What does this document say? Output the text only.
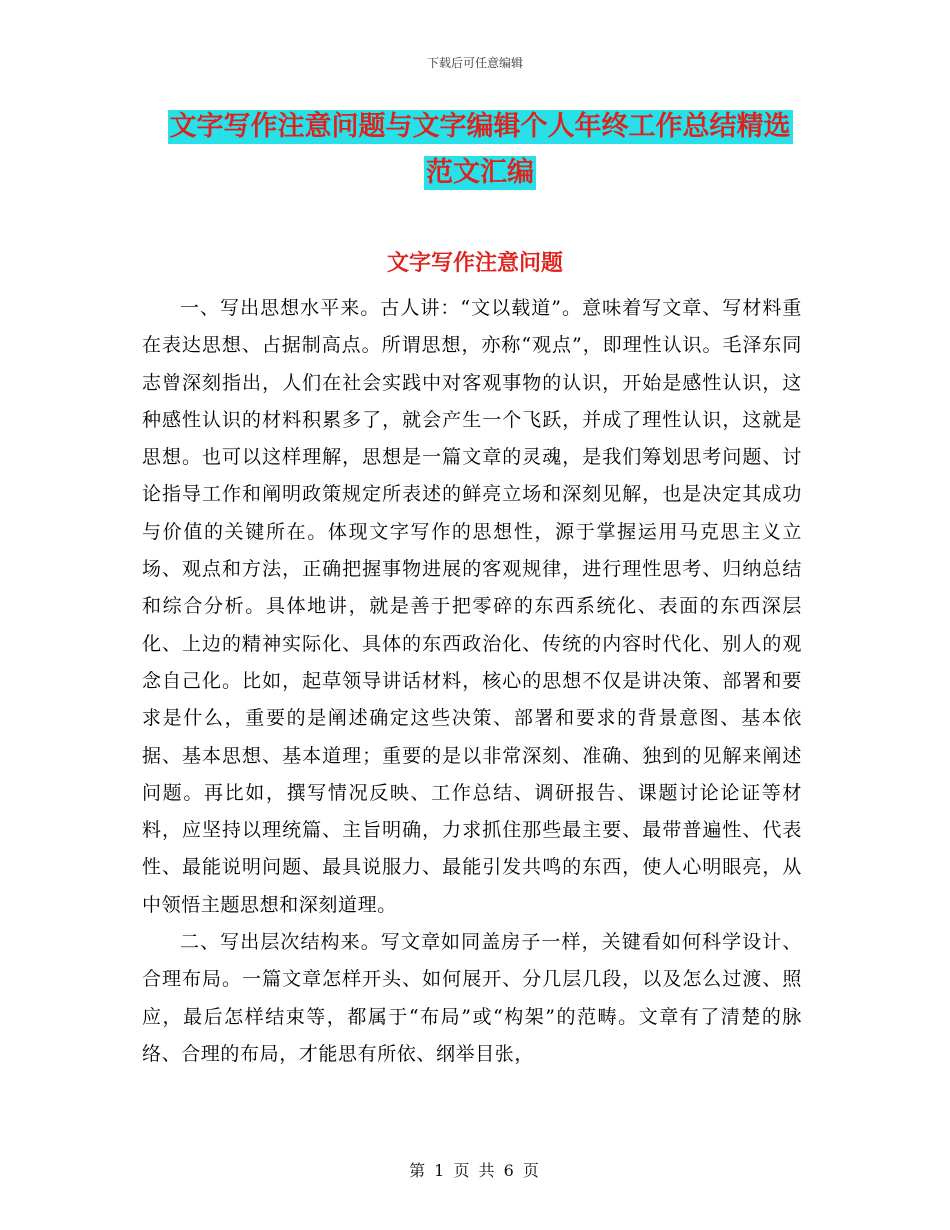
下载后可任意编辑
文字写作注意问题与文字编辑个人年终工作总结精选
范文汇编
文字写作注意问题

一、写出思想水平来。古人讲：“文以载道”。意味着写文章、写材料重在表达思想、占据制高点。所谓思想，亦称“观点”，即理性认识。毛泽东同志曾深刻指出，人们在社会实践中对客观事物的认识，开始是感性认识，这种感性认识的材料积累多了，就会产生一个飞跃，并成了理性认识，这就是思想。也可以这样理解，思想是一篇文章的灵魂，是我们筹划思考问题、讨论指导工作和阐明政策规定所表述的鲜亮立场和深刻见解，也是决定其成功与价值的关键所在。体现文字写作的思想性，源于掌握运用马克思主义立场、观点和方法，正确把握事物进展的客观规律，进行理性思考、归纳总结和综合分析。具体地讲，就是善于把零碎的东西系统化、表面的东西深层化、上边的精神实际化、具体的东西政治化、传统的内容时代化、别人的观念自己化。比如，起草领导讲话材料，核心的思想不仅是讲决策、部署和要求是什么，重要的是阐述确定这些决策、部署和要求的背景意图、基本依据、基本思想、基本道理；重要的是以非常深刻、准确、独到的见解来阐述问题。再比如，撰写情况反映、工作总结、调研报告、课题讨论论证等材料，应坚持以理统篇、主旨明确，力求抓住那些最主要、最带普遍性、代表性、最能说明问题、最具说服力、最能引发共鸣的东西，使人心明眼亮，从中领悟主题思想和深刻道理。

二、写出层次结构来。写文章如同盖房子一样，关键看如何科学设计、合理布局。一篇文章怎样开头、如何展开、分几层几段，以及怎么过渡、照应，最后怎样结束等，都属于“布局”或“构架”的范畴。文章有了清楚的脉络、合理的布局，才能思有所依、纲举目张，

第 1 页 共 6 页
